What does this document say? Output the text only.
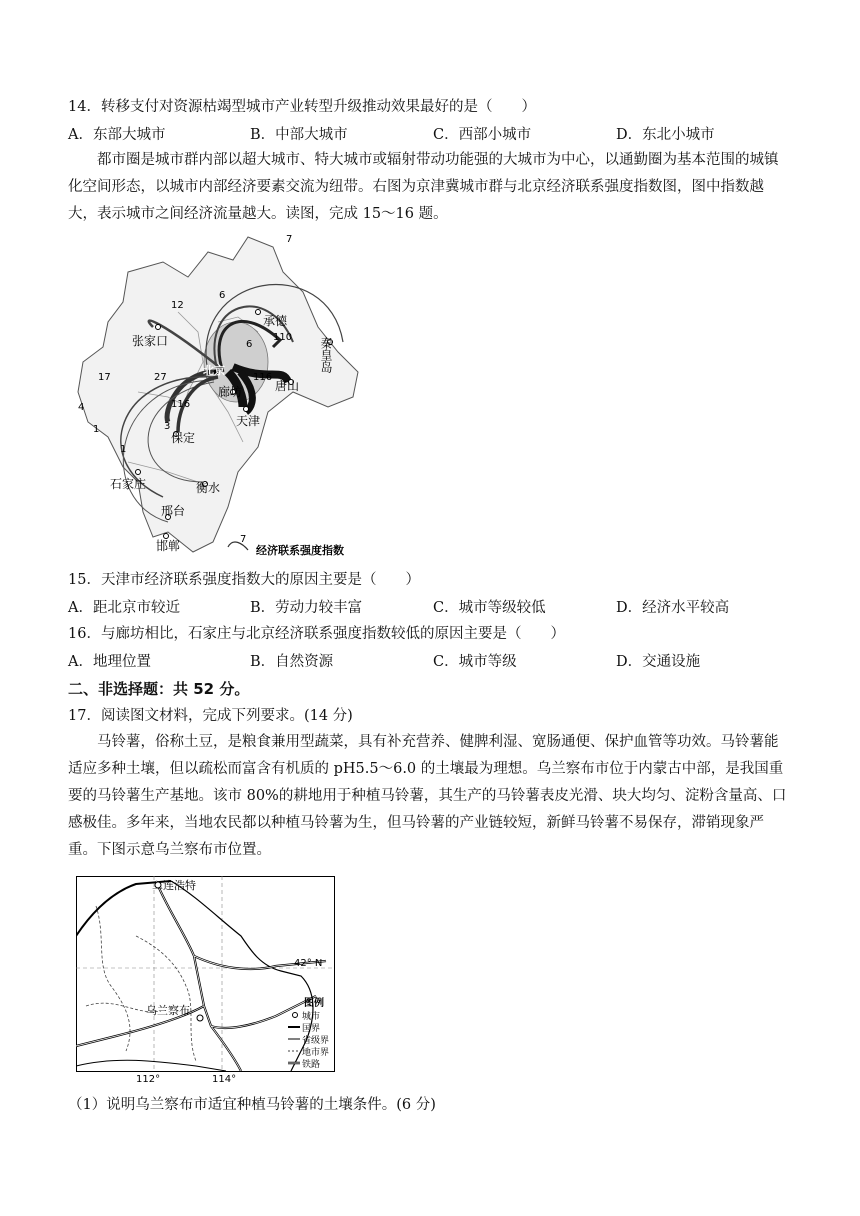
14．转移支付对资源枯竭型城市产业转型升级推动效果最好的是（　　）
A．东部大城市	B．中部大城市	C．西部小城市	D．东北小城市
都市圈是城市群内部以超大城市、特大城市或辐射带动功能强的大城市为中心，以通勤圈为基本范围的城镇化空间形态，以城市内部经济要素交流为纽带。右图为京津冀城市群与北京经济联系强度指数图，图中指数越大，表示城市之间经济流量越大。读图，完成 15～16 题。
7
6
12
110
116
27
17
4
1
116
3
6
1
承德
秦皇岛
张家口
北京
唐山
廊坊
天津
保定
石家庄	衡水
邢台
邯郸	7
经济联系强度指数
15．天津市经济联系强度指数大的原因主要是（　　）
A．距北京市较近	B．劳动力较丰富	C．城市等级较低	D．经济水平较高
16．与廊坊相比，石家庄与北京经济联系强度指数较低的原因主要是（　　）
A．地理位置	B．自然资源	C．城市等级	D．交通设施
二、非选择题：共 52 分。
17．阅读图文材料，完成下列要求。(14 分)
马铃薯，俗称土豆，是粮食兼用型蔬菜，具有补充营养、健脾利湿、宽肠通便、保护血管等功效。马铃薯能适应多种土壤，但以疏松而富含有机质的 pH5.5～6.0 的土壤最为理想。乌兰察布市位于内蒙古中部，是我国重要的马铃薯生产基地。该市 80%的耕地用于种植马铃薯，其生产的马铃薯表皮光滑、块大均匀、淀粉含量高、口感极佳。多年来，当地农民都以种植马铃薯为生，但马铃薯的产业链较短，新鲜马铃薯不易保存，滞销现象严重。下图示意乌兰察布市位置。
二连浩特
乌兰察布
42° N
112°	114°
图例
城市
国界
省级界
地市界
铁路
（1）说明乌兰察布市适宜种植马铃薯的土壤条件。(6 分)
